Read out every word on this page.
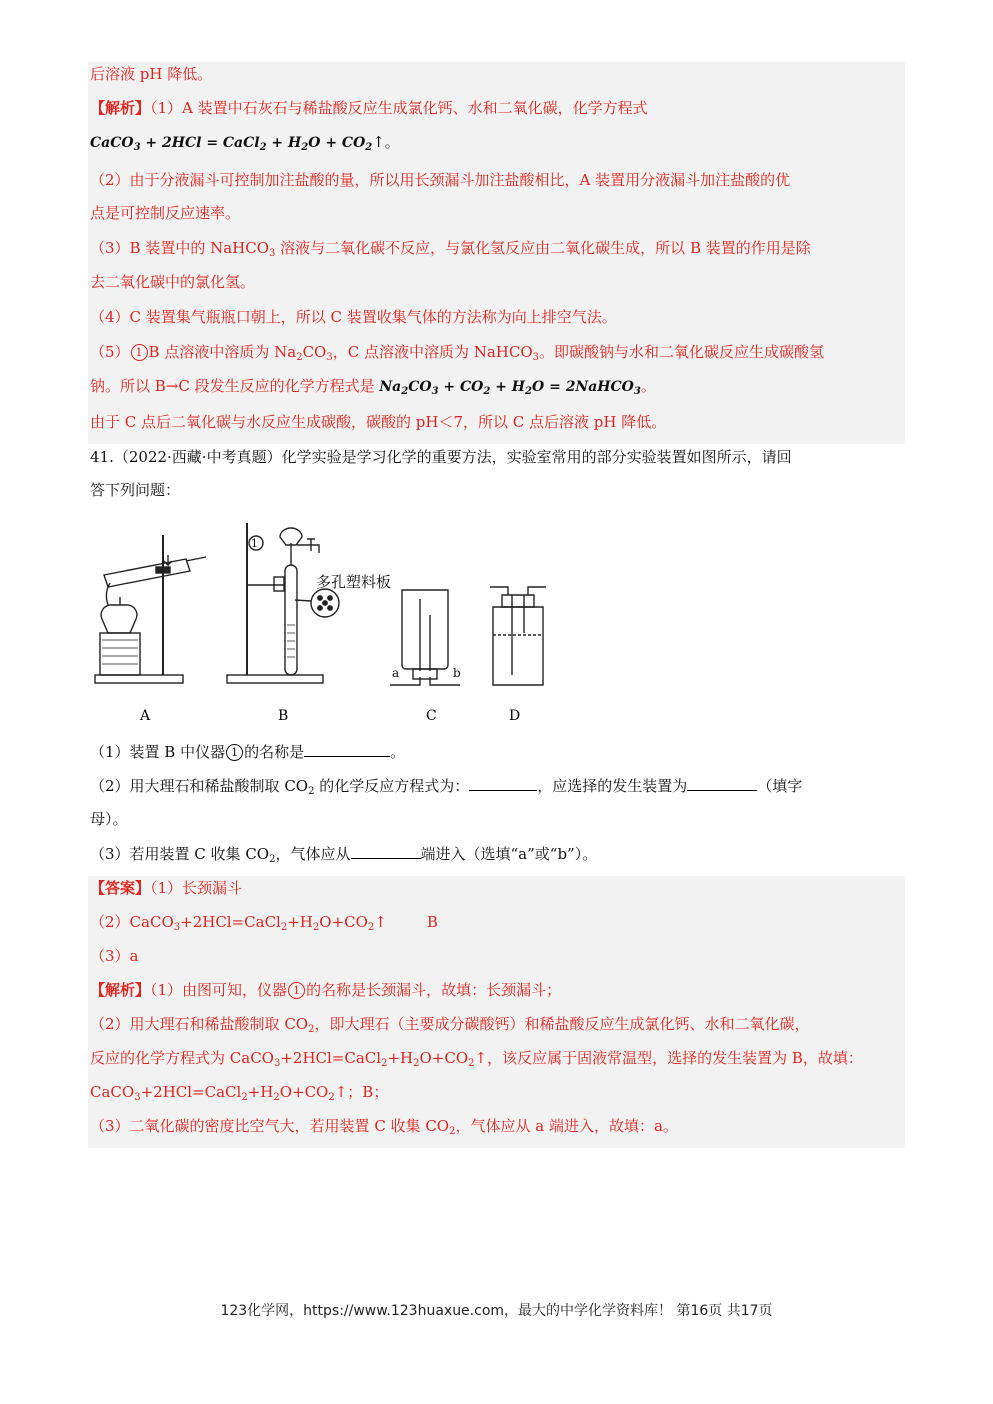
后溶液 pH 降低。
【解析】（1）A 装置中石灰石与稀盐酸反应生成氯化钙、水和二氧化碳，化学方程式
CaCO$_3$ + 2HCl = CaCl$_2$ + $H_2O$ + $CO_2↑$。
（2）由于分液漏斗可控制加注盐酸的量，所以用长颈漏斗加注盐酸相比，A 装置用分液漏斗加注盐酸的优
点是可控制反应速率。
（3）B 装置中的 NaHCO$_3$ 溶液与二氧化碳不反应，与氯化氢反应由二氧化碳生成，所以 B 装置的作用是除
去二氧化碳中的氯化氢。
（4）C 装置集气瓶瓶口朝上，所以 C 装置收集气体的方法称为向上排空气法。
（5） 1 B 点溶液中溶质为 $Na_2CO_3$，C 点溶液中溶质为 NaHCO$_3$。即碳酸钠与水和二氧化碳反应生成碳酸氢
钠。所以 B→C 段发生反应的化学方程式是 $Na_2CO_3 + CO_2 + H_2O$ = 2NaHCO$_3$。
由于 C 点后二氧化碳与水反应生成碳酸，碳酸的 pH＜7，所以 C 点后溶液 pH 降低。
41.（2022·西藏·中考真题）化学实验是学习化学的重要方法，实验室常用的部分实验装置如图所示，请回
答下列问题：
1
多孔塑料板
a	b
A	B	C	D
（1）装置 B 中仪器 1 的名称是	。
（2）用大理石和稀盐酸制取 $CO_2$ 的化学反应方程式为：	，应选择的发生装置为	（填字
母）。
（3）若用装置 C 收集 $CO_2$，气体应从	端进入（选填“a”或“b”）。
【答案】（1）长颈漏斗
$(2)CaCO_3+2HCl=CaCl_2+H_2O+CO_2↑$	B
（3）a
【解析】（1）由图可知，仪器 1 的名称是长颈漏斗，故填：长颈漏斗；
（2）用大理石和稀盐酸制取 $CO_2$，即大理石（主要成分碳酸钙）和稀盐酸反应生成氯化钙、水和二氧化碳，
反应的化学方程式为 $CaCO_3+2HCl=CaCl_2+H_2O+CO_2↑$，该反应属于固液常温型，选择的发生装置为 B，故填：
$CaCO_3+2HCl=CaCl_2+H_2O+CO_2↑$；B；
（3）二氧化碳的密度比空气大，若用装置 C 收集 $CO_2$，气体应从 a 端进入，故填：a。
123化学网，https://www.123huaxue.com，最大的中学化学资料库！ 第16页 共17页
